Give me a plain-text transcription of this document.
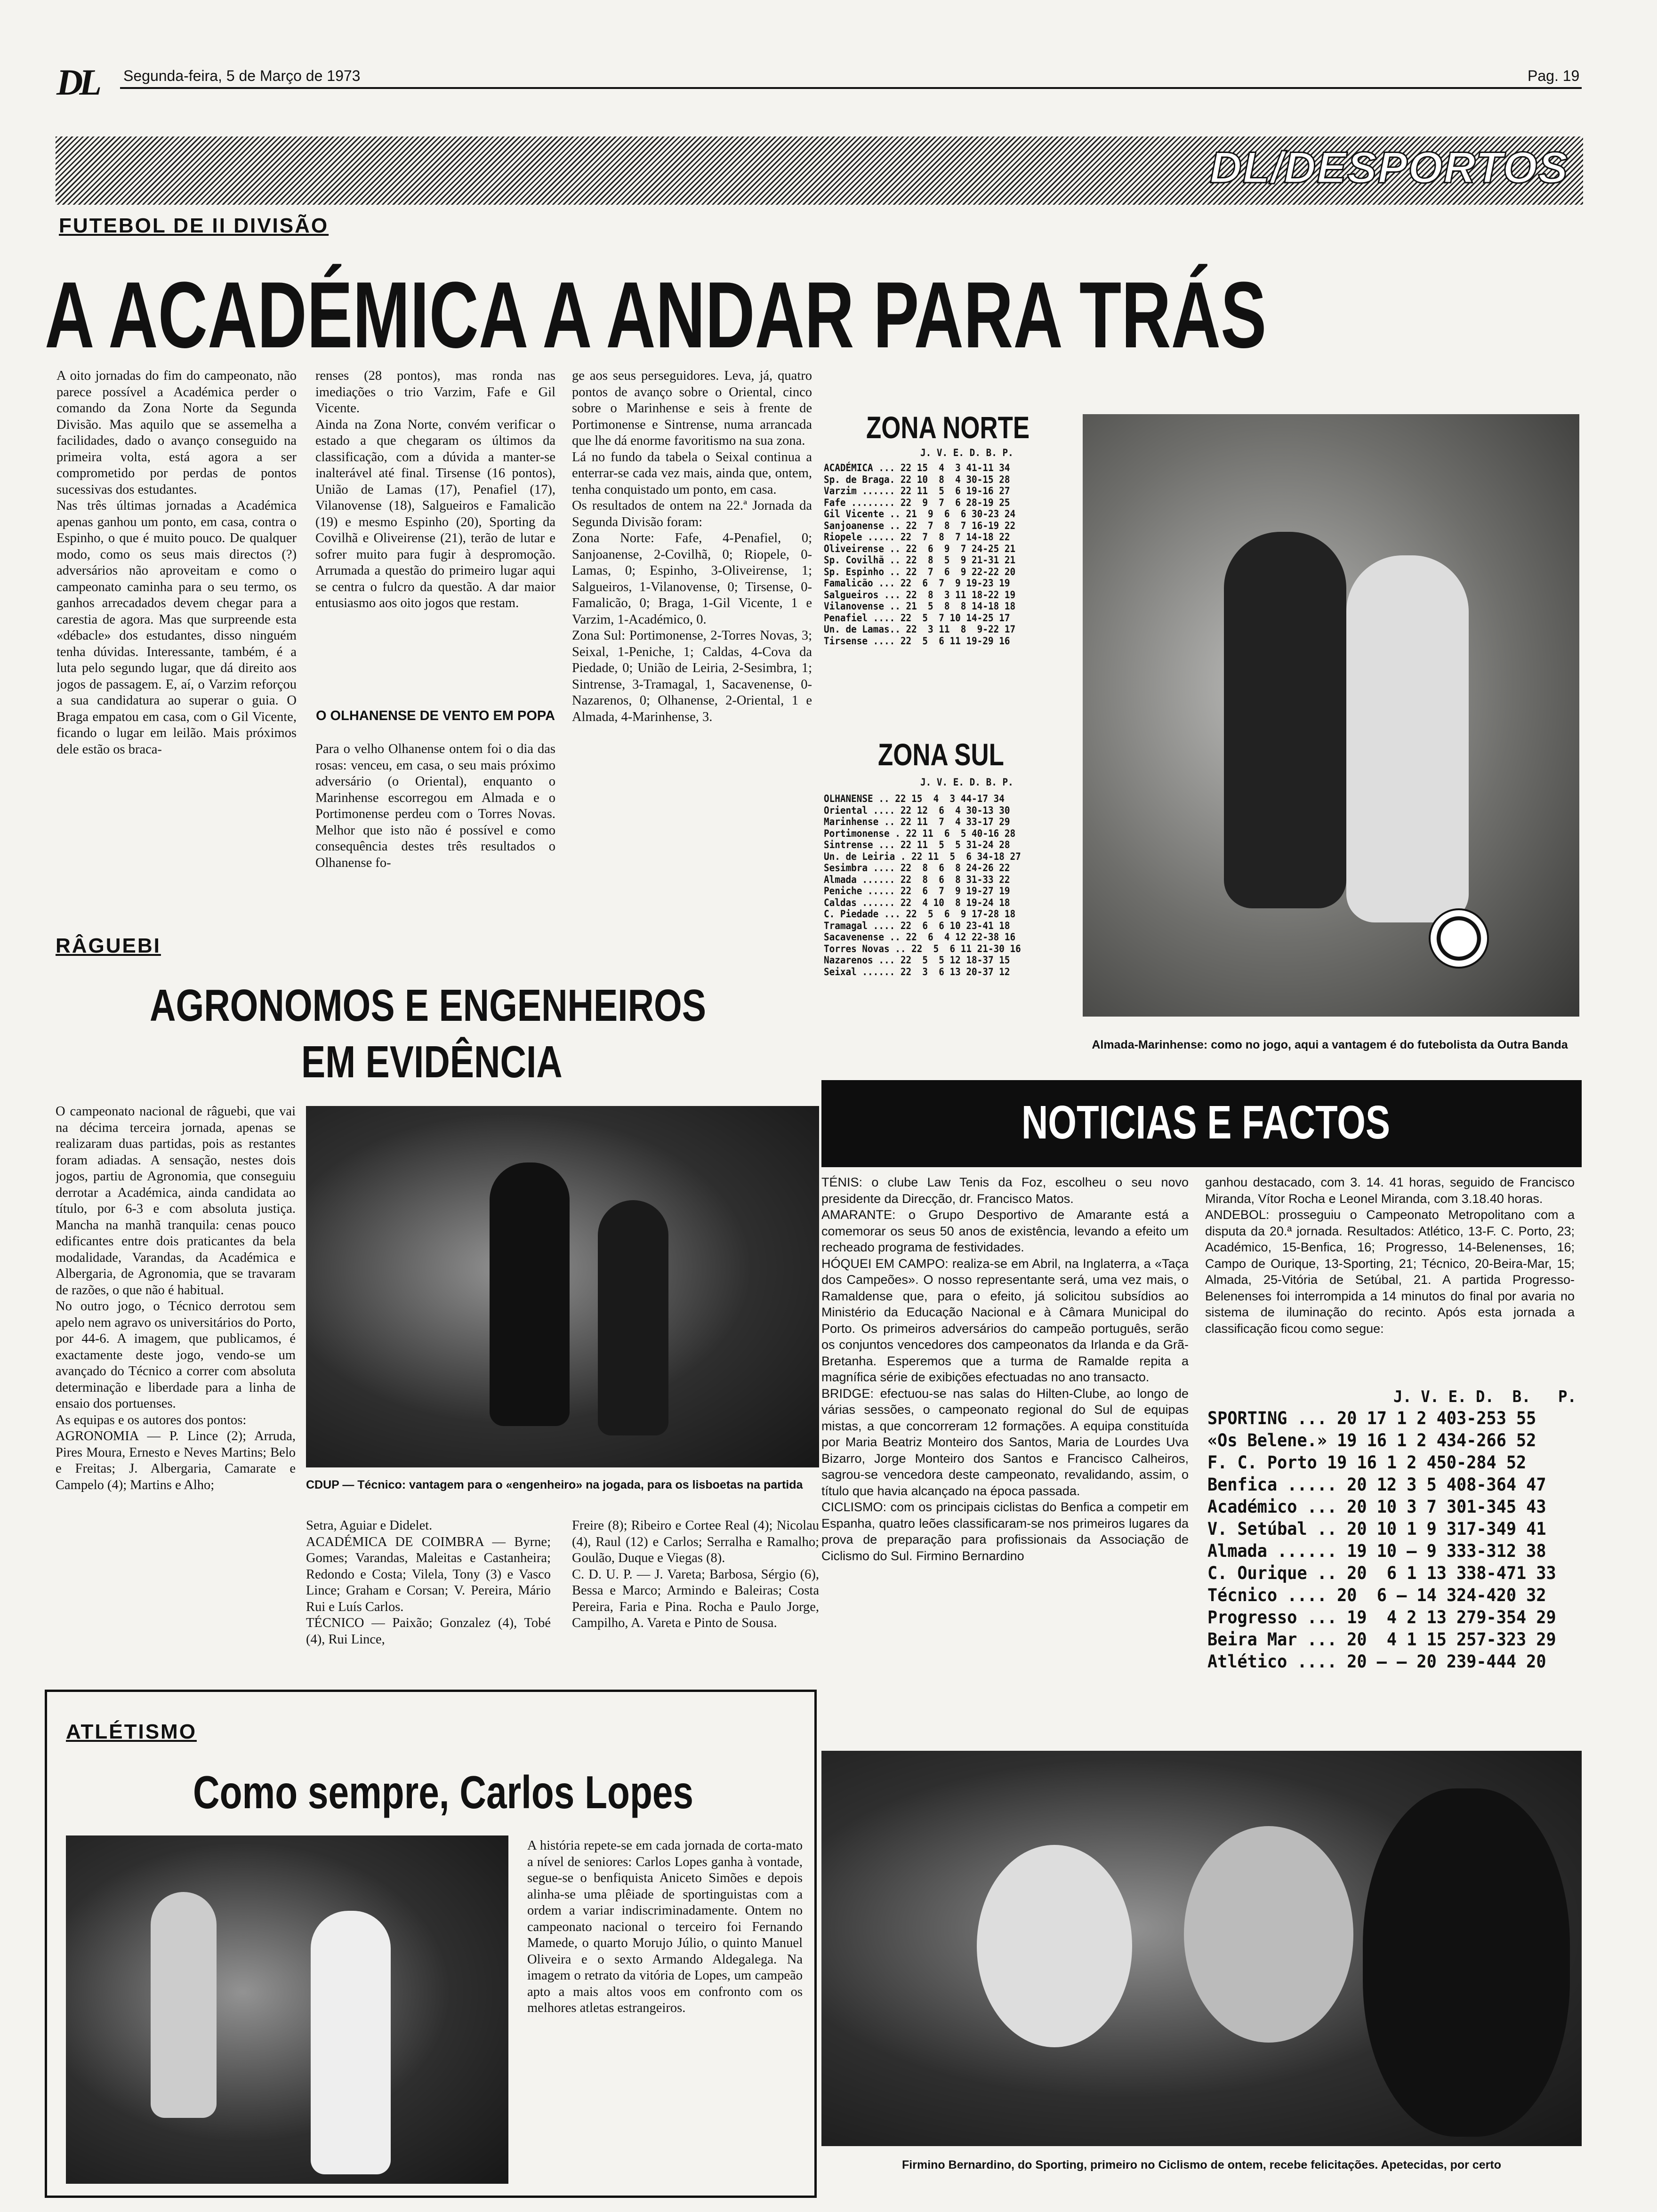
DL Segunda-feira, 5 de Março de 1973	Pag. 19
DL/DESPORTOS
FUTEBOL DE II DIVISÃO
A ACADÉMICA A ANDAR PARA TRÁS
A oito jornadas do fim do campeonato, não parece possível a Académica perder o comando da Zona Norte da Segunda Divisão. Mas aquilo que se assemelha a facilidades, dado o avanço conseguido na primeira volta, está agora a ser comprometido por perdas de pontos sucessivas dos estudantes.
Nas três últimas jornadas a Académica apenas ganhou um ponto, em casa, contra o Espinho, o que é muito pouco. De qualquer modo, como os seus mais directos (?) adversários não aproveitam e como o campeonato caminha para o seu termo, os ganhos arrecadados devem chegar para a carestia de agora. Mas que surpreende esta «débacle» dos estudantes, disso ninguém tenha dúvidas. Interessante, também, é a luta pelo segundo lugar, que dá direito aos jogos de passagem. E, aí, o Varzim reforçou a sua candidatura ao superar o guia. O Braga empatou em casa, com o Gil Vicente, ficando o lugar em leilão. Mais próximos dele estão os braca-
renses (28 pontos), mas ronda nas imediações o trio Varzim, Fafe e Gil Vicente.
Ainda na Zona Norte, convém verificar o estado a que chegaram os últimos da classificação, com a dúvida a manter-se inalterável até final. Tirsense (16 pontos), União de Lamas (17), Penafiel (17), Vilanovense (18), Salgueiros e Famalicão (19) e mesmo Espinho (20), Sporting da Covilhã e Oliveirense (21), terão de lutar e sofrer muito para fugir à despromoção. Arrumada a questão do primeiro lugar aqui se centra o fulcro da questão. A dar maior entusiasmo aos oito jogos que restam.
O OLHANENSE DE VENTO EM POPA
Para o velho Olhanense ontem foi o dia das rosas: venceu, em casa, o seu mais próximo adversário (o Oriental), enquanto o Marinhense escorregou em Almada e o Portimonense perdeu com o Torres Novas. Melhor que isto não é possível e como consequência destes três resultados o Olhanense fo-
ge aos seus perseguidores. Leva, já, quatro pontos de avanço sobre o Oriental, cinco sobre o Marinhense e seis à frente de Portimonense e Sintrense, numa arrancada que lhe dá enorme favoritismo na sua zona.
Lá no fundo da tabela o Seixal continua a enterrar-se cada vez mais, ainda que, ontem, tenha conquistado um ponto, em casa.
Os resultados de ontem na 22.ª Jornada da Segunda Divisão foram:
Zona Norte: Fafe, 4-Penafiel, 0; Sanjoanense, 2-Covilhã, 0; Riopele, 0-Lamas, 0; Espinho, 3-Oliveirense, 1; Salgueiros, 1-Vilanovense, 0; Tirsense, 0-Famalicão, 0; Braga, 1-Gil Vicente, 1 e Varzim, 1-Académico, 0.
Zona Sul: Portimonense, 2-Torres Novas, 3; Seixal, 1-Peniche, 1; Caldas, 4-Cova da Piedade, 0; União de Leiria, 2-Sesimbra, 1; Sintrense, 3-Tramagal, 1, Sacavenense, 0-Nazarenos, 0; Olhanense, 2-Oriental, 1 e Almada, 4-Marinhense, 3.
ZONA NORTE
J. V. E. D. B. P.
ACADÉMICA ... 22 15  4  3 41-11 34
Sp. de Braga. 22 10  8  4 30-15 28
Varzim ...... 22 11  5  6 19-16 27
Fafe ........ 22  9  7  6 28-19 25
Gil Vicente .. 21  9  6  6 30-23 24
Sanjoanense .. 22  7  8  7 16-19 22
Riopele ..... 22  7  8  7 14-18 22
Oliveirense .. 22  6  9  7 24-25 21
Sp. Covilhã .. 22  8  5  9 21-31 21
Sp. Espinho .. 22  7  6  9 22-22 20
Famalicão ... 22  6  7  9 19-23 19
Salgueiros ... 22  8  3 11 18-22 19
Vilanovense .. 21  5  8  8 14-18 18
Penafiel .... 22  5  7 10 14-25 17
Un. de Lamas.. 22  3 11  8  9-22 17
Tirsense .... 22  5  6 11 19-29 16
ZONA SUL
J. V. E. D. B. P.
OLHANENSE .. 22 15  4  3 44-17 34
Oriental .... 22 12  6  4 30-13 30
Marinhense .. 22 11  7  4 33-17 29
Portimonense . 22 11  6  5 40-16 28
Sintrense ... 22 11  5  5 31-24 28
Un. de Leiria . 22 11  5  6 34-18 27
Sesimbra .... 22  8  6  8 24-26 22
Almada ...... 22  8  6  8 31-33 22
Peniche ..... 22  6  7  9 19-27 19
Caldas ...... 22  4 10  8 19-24 18
C. Piedade ... 22  5  6  9 17-28 18
Tramagal .... 22  6  6 10 23-41 18
Sacavenense .. 22  6  4 12 22-38 16
Torres Novas .. 22  5  6 11 21-30 16
Nazarenos ... 22  5  5 12 18-37 15
Seixal ...... 22  3  6 13 20-37 12
Almada-Marinhense: como no jogo, aqui a vantagem é do futebolista da Outra Banda
RÂGUEBI
AGRONOMOS E ENGENHEIROS
EM EVIDÊNCIA
O campeonato nacional de râguebi, que vai na décima terceira jornada, apenas se realizaram duas partidas, pois as restantes foram adiadas. A sensação, nestes dois jogos, partiu de Agronomia, que conseguiu derrotar a Académica, ainda candidata ao título, por 6-3 e com absoluta justiça. Mancha na manhã tranquila: cenas pouco edificantes entre dois praticantes da bela modalidade, Varandas, da Académica e Albergaria, de Agronomia, que se travaram de razões, o que não é habitual.
No outro jogo, o Técnico derrotou sem apelo nem agravo os universitários do Porto, por 44-6. A imagem, que publicamos, é exactamente deste jogo, vendo-se um avançado do Técnico a correr com absoluta determinação e liberdade para a linha de ensaio dos portuenses.
As equipas e os autores dos pontos:
AGRONOMIA — P. Lince (2); Arruda, Pires Moura, Ernesto e Neves Martins; Belo e Freitas; J. Albergaria, Camarate e Campelo (4); Martins e Alho;	CDUP — Técnico: vantagem para o «engenheiro» na jogada, para os lisboetas na partida
Setra, Aguiar e Didelet.
ACADÉMICA DE COIMBRA — Byrne; Gomes; Varandas, Maleitas e Castanheira; Redondo e Costa; Vilela, Tony (3) e Vasco Lince; Graham e Corsan; V. Pereira, Mário Rui e Luís Carlos.
TÉCNICO — Paixão; Gonzalez (4), Tobé (4), Rui Lince,
Freire (8); Ribeiro e Cortee Real (4); Nicolau (4), Raul (12) e Carlos; Serralha e Ramalho; Goulão, Duque e Viegas (8).
C. D. U. P. — J. Vareta; Barbosa, Sérgio (6), Bessa e Marco; Armindo e Baleiras; Costa Pereira, Faria e Pina. Rocha e Paulo Jorge, Campilho, A. Vareta e Pinto de Sousa.
ATLÉTISMO
Como sempre, Carlos Lopes
A história repete-se em cada jornada de corta-mato a nível de seniores: Carlos Lopes ganha à vontade, segue-se o benfiquista Aniceto Simões e depois alinha-se uma plêiade de sportinguistas com a ordem a variar indiscriminadamente. Ontem no campeonato nacional o terceiro foi Fernando Mamede, o quarto Morujo Júlio, o quinto Manuel Oliveira e o sexto Armando Aldegalega. Na imagem o retrato da vitória de Lopes, um campeão apto a mais altos voos em confronto com os melhores atletas estrangeiros.
NOTICIAS E FACTOS
TÉNIS: o clube Law Tenis da Foz, escolheu o seu novo presidente da Direcção, dr. Francisco Matos.
AMARANTE: o Grupo Desportivo de Amarante está a comemorar os seus 50 anos de existência, levando a efeito um recheado programa de festividades.
HÓQUEI EM CAMPO: realiza-se em Abril, na Inglaterra, a «Taça dos Campeões». O nosso representante será, uma vez mais, o Ramaldense que, para o efeito, já solicitou subsídios ao Ministério da Educação Nacional e à Câmara Municipal do Porto. Os primeiros adversários do campeão português, serão os conjuntos vencedores dos campeonatos da Irlanda e da Grã-Bretanha. Esperemos que a turma de Ramalde repita a magnífica série de exibições efectuadas no ano transacto.
BRIDGE: efectuou-se nas salas do Hilten-Clube, ao longo de várias sessões, o campeonato regional do Sul de equipas mistas, a que concorreram 12 formações. A equipa constituída por Maria Beatriz Monteiro dos Santos, Maria de Lourdes Uva Bizarro, Jorge Monteiro dos Santos e Francisco Calheiros, sagrou-se vencedora deste campeonato, revalidando, assim, o título que havia alcançado na época passada.
CICLISMO: com os principais ciclistas do Benfica a competir em Espanha, quatro leões classificaram-se nos primeiros lugares da prova de preparação para profissionais da Associação de Ciclismo do Sul. Firmino Bernardino
ganhou destacado, com 3. 14. 41 horas, seguido de Francisco Miranda, Vítor Rocha e Leonel Miranda, com 3.18.40 horas.
ANDEBOL: prosseguiu o Campeonato Metropolitano com a disputa da 20.ª jornada. Resultados: Atlético, 13-F. C. Porto, 23; Académico, 15-Benfica, 16; Progresso, 14-Belenenses, 16; Campo de Ourique, 13-Sporting, 21; Técnico, 20-Beira-Mar, 15; Almada, 25-Vitória de Setúbal, 21. A partida Progresso-Belenenses foi interrompida a 14 minutos do final por avaria no sistema de iluminação do recinto. Após esta jornada a classificação ficou como segue:
J. V. E. D.  B.   P.
SPORTING ... 20 17 1 2 403-253 55
«Os Belene.» 19 16 1 2 434-266 52
F. C. Porto 19 16 1 2 450-284 52
Benfica ..... 20 12 3 5 408-364 47
Académico ... 20 10 3 7 301-345 43
V. Setúbal .. 20 10 1 9 317-349 41
Almada ...... 19 10 — 9 333-312 38
C. Ourique .. 20  6 1 13 338-471 33
Técnico .... 20  6 — 14 324-420 32
Progresso ... 19  4 2 13 279-354 29
Beira Mar ... 20  4 1 15 257-323 29
Atlético .... 20 — — 20 239-444 20
Firmino Bernardino, do Sporting, primeiro no Ciclismo de ontem, recebe felicitações. Apetecidas, por certo
